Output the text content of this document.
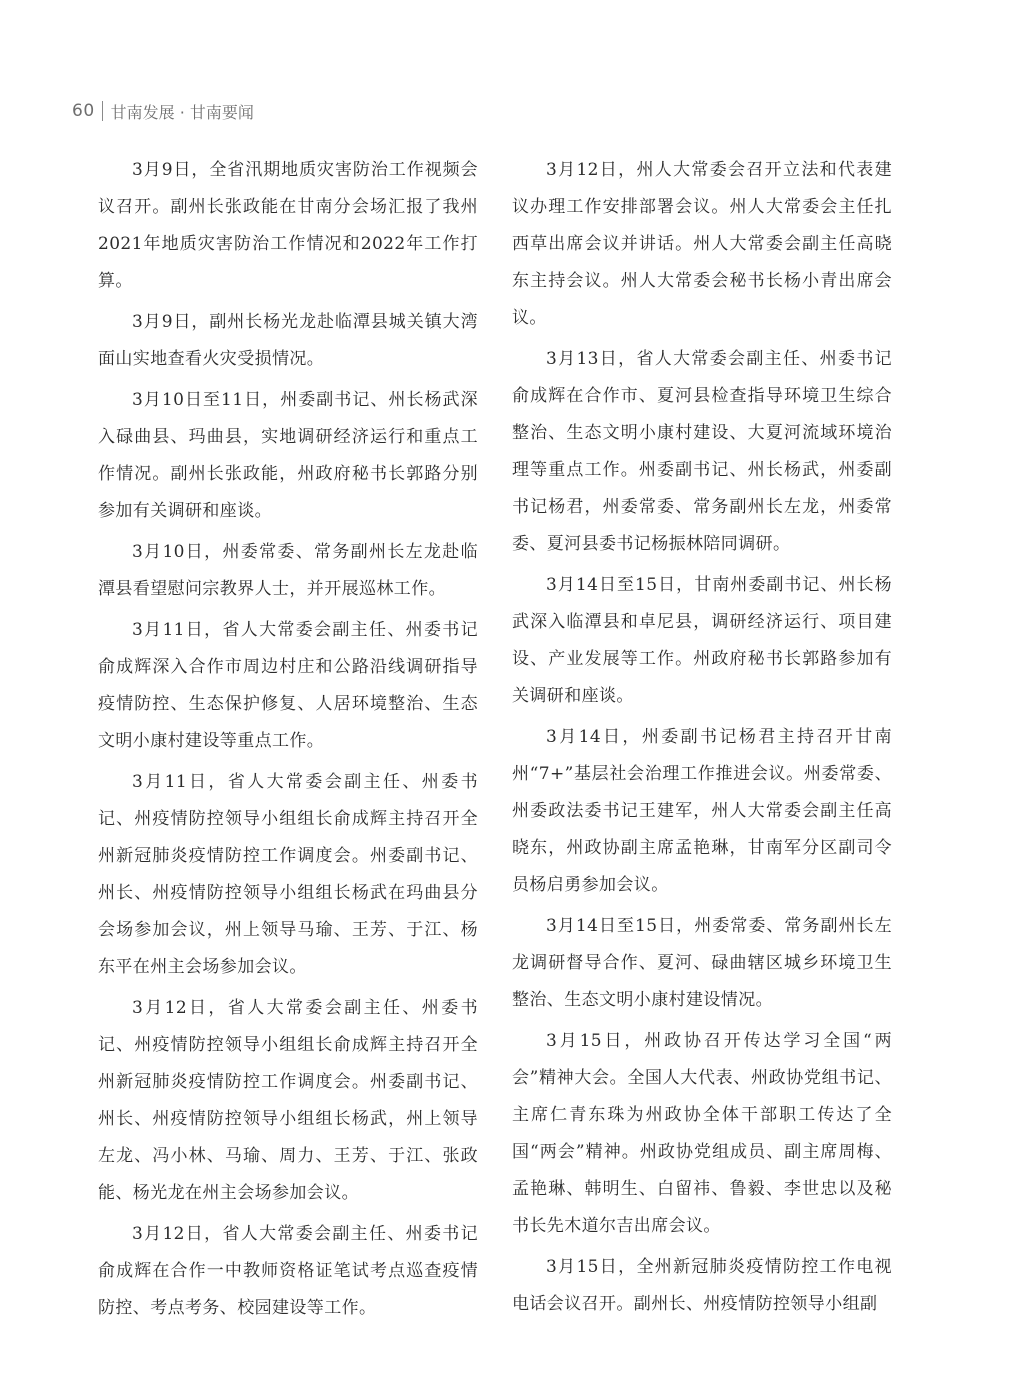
60 甘南发展 · 甘南要闻

3月9日，全省汛期地质灾害防治工作视频会议召开。副州长张政能在甘南分会场汇报了我州2021年地质灾害防治工作情况和2022年工作打算。

3月9日，副州长杨光龙赴临潭县城关镇大湾面山实地查看火灾受损情况。

3月10日至11日，州委副书记、州长杨武深入碌曲县、玛曲县，实地调研经济运行和重点工作情况。副州长张政能，州政府秘书长郭路分别参加有关调研和座谈。

3月10日，州委常委、常务副州长左龙赴临潭县看望慰问宗教界人士，并开展巡林工作。

3月11日，省人大常委会副主任、州委书记俞成辉深入合作市周边村庄和公路沿线调研指导疫情防控、生态保护修复、人居环境整治、生态文明小康村建设等重点工作。

3月11日，省人大常委会副主任、州委书记、州疫情防控领导小组组长俞成辉主持召开全州新冠肺炎疫情防控工作调度会。州委副书记、州长、州疫情防控领导小组组长杨武在玛曲县分会场参加会议，州上领导马瑜、王芳、于江、杨东平在州主会场参加会议。

3月12日，省人大常委会副主任、州委书记、州疫情防控领导小组组长俞成辉主持召开全州新冠肺炎疫情防控工作调度会。州委副书记、州长、州疫情防控领导小组组长杨武，州上领导左龙、冯小林、马瑜、周力、王芳、于江、张政能、杨光龙在州主会场参加会议。

3月12日，省人大常委会副主任、州委书记俞成辉在合作一中教师资格证笔试考点巡查疫情防控、考点考务、校园建设等工作。

3月12日，州人大常委会召开立法和代表建议办理工作安排部署会议。州人大常委会主任扎西草出席会议并讲话。州人大常委会副主任高晓东主持会议。州人大常委会秘书长杨小青出席会议。

3月13日，省人大常委会副主任、州委书记俞成辉在合作市、夏河县检查指导环境卫生综合整治、生态文明小康村建设、大夏河流域环境治理等重点工作。州委副书记、州长杨武，州委副书记杨君，州委常委、常务副州长左龙，州委常委、夏河县委书记杨振林陪同调研。

3月14日至15日，甘南州委副书记、州长杨武深入临潭县和卓尼县，调研经济运行、项目建设、产业发展等工作。州政府秘书长郭路参加有关调研和座谈。

3月14日，州委副书记杨君主持召开甘南州“7+”基层社会治理工作推进会议。州委常委、州委政法委书记王建军，州人大常委会副主任高晓东，州政协副主席孟艳琳，甘南军分区副司令员杨启勇参加会议。

3月14日至15日，州委常委、常务副州长左龙调研督导合作、夏河、碌曲辖区城乡环境卫生整治、生态文明小康村建设情况。

3月15日，州政协召开传达学习全国“两会”精神大会。全国人大代表、州政协党组书记、主席仁青东珠为州政协全体干部职工传达了全国“两会”精神。州政协党组成员、副主席周梅、孟艳琳、韩明生、白留祎、鲁毅、李世忠以及秘书长先木道尔吉出席会议。

3月15日，全州新冠肺炎疫情防控工作电视电话会议召开。副州长、州疫情防控领导小组副
